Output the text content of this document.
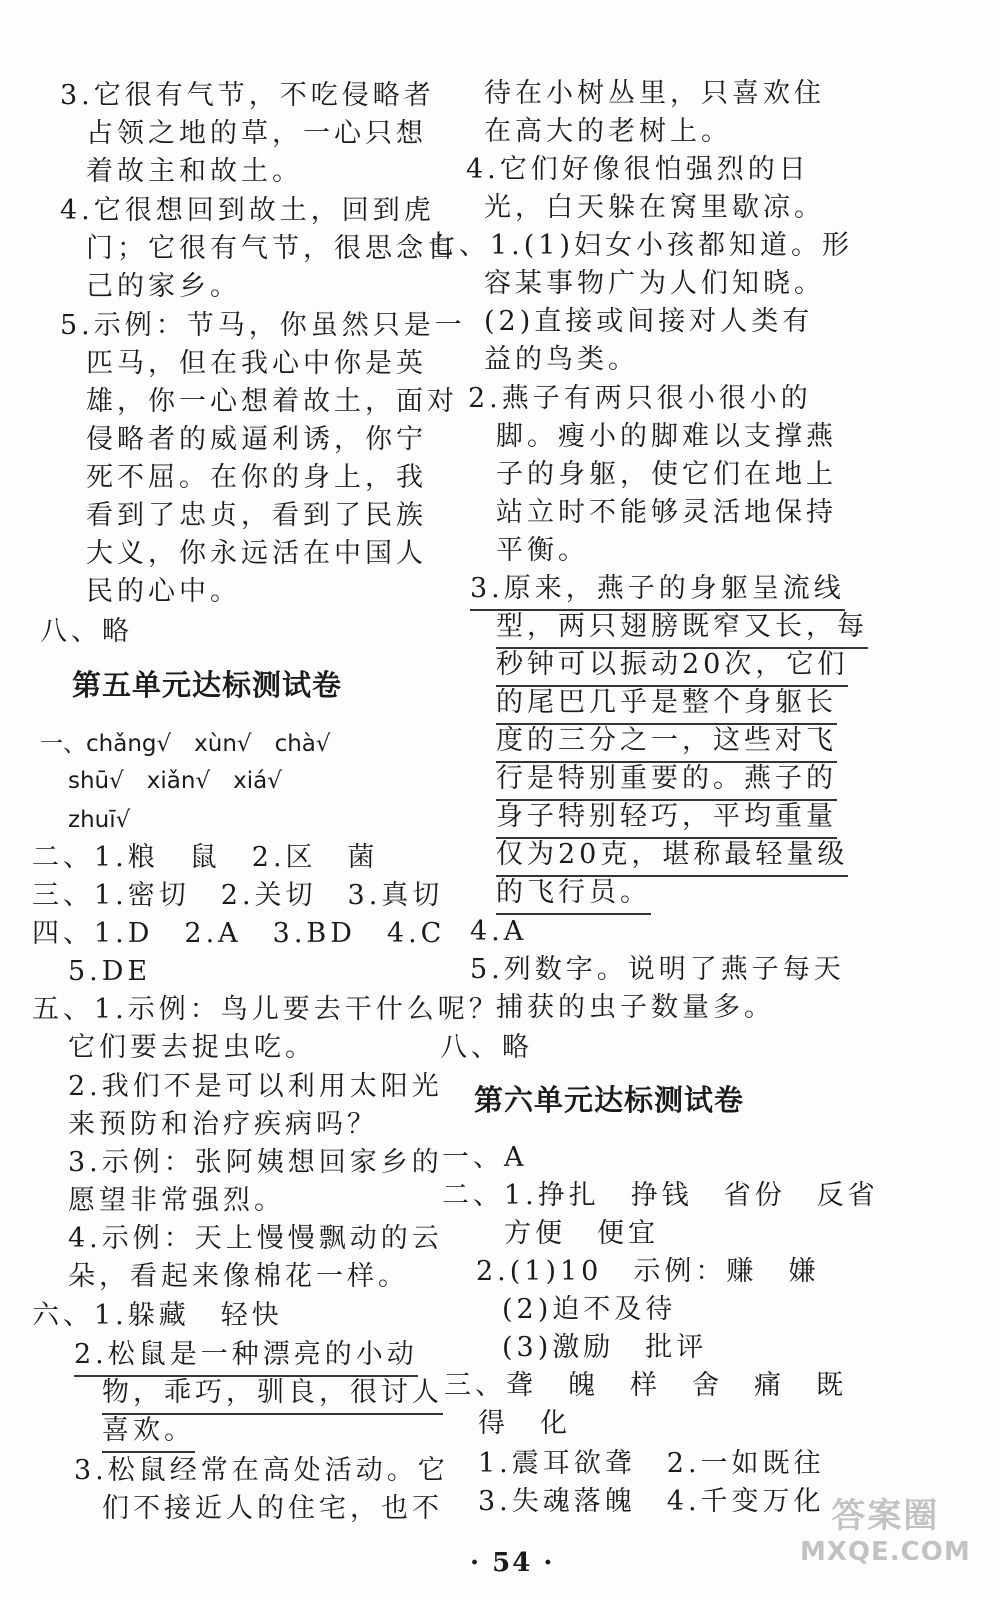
3.它很有气节，不吃侵略者
占领之地的草，一心只想
着故主和故土。
4.它很想回到故土，回到虎
门；它很有气节，很思念自
己的家乡。
5.示例：节马，你虽然只是一
匹马，但在我心中你是英
雄，你一心想着故土，面对
侵略者的威逼利诱，你宁
死不屈。在你的身上，我
看到了忠贞，看到了民族
大义，你永远活在中国人
民的心中。
八、略
第五单元达标测试卷
一、chǎng√　xùn√　chà√
shū√　xiǎn√　xiá√
zhuī√
二、1.粮　鼠　2.区　菌
三、1.密切　2.关切　3.真切
四、1.D　2.A　3.BD　4.C
5.DE
五、1.示例：鸟儿要去干什么呢？
它们要去捉虫吃。
2.我们不是可以利用太阳光
来预防和治疗疾病吗？
3.示例：张阿姨想回家乡的
愿望非常强烈。
4.示例：天上慢慢飘动的云
朵，看起来像棉花一样。
六、1.躲藏　轻快
2.松鼠是一种漂亮的小动
物，乖巧，驯良，很讨人
喜欢。
3.松鼠经常在高处活动。它
们不接近人的住宅，也不
待在小树丛里，只喜欢住
在高大的老树上。
4.它们好像很怕强烈的日
光，白天躲在窝里歇凉。
七、1.(1)妇女小孩都知道。形
容某事物广为人们知晓。
(2)直接或间接对人类有
益的鸟类。
2.燕子有两只很小很小的
脚。瘦小的脚难以支撑燕
子的身躯，使它们在地上
站立时不能够灵活地保持
平衡。
3.原来，燕子的身躯呈流线
型，两只翅膀既窄又长，每
秒钟可以振动20次，它们
的尾巴几乎是整个身躯长
度的三分之一，这些对飞
行是特别重要的。燕子的
身子特别轻巧，平均重量
仅为20克，堪称最轻量级
的飞行员。
4.A
5.列数字。说明了燕子每天
捕获的虫子数量多。
八、略
第六单元达标测试卷
一、A
二、1.挣扎　挣钱　省份　反省
方便　便宜
2.(1)10　示例：赚　嫌
(2)迫不及待
(3)激励　批评
三、聋　魄　样　舍　痛　既
得　化
1.震耳欲聋　2.一如既往
3.失魂落魄　4.千变万化
· 54 ·
答案圈
MXQE.COM
